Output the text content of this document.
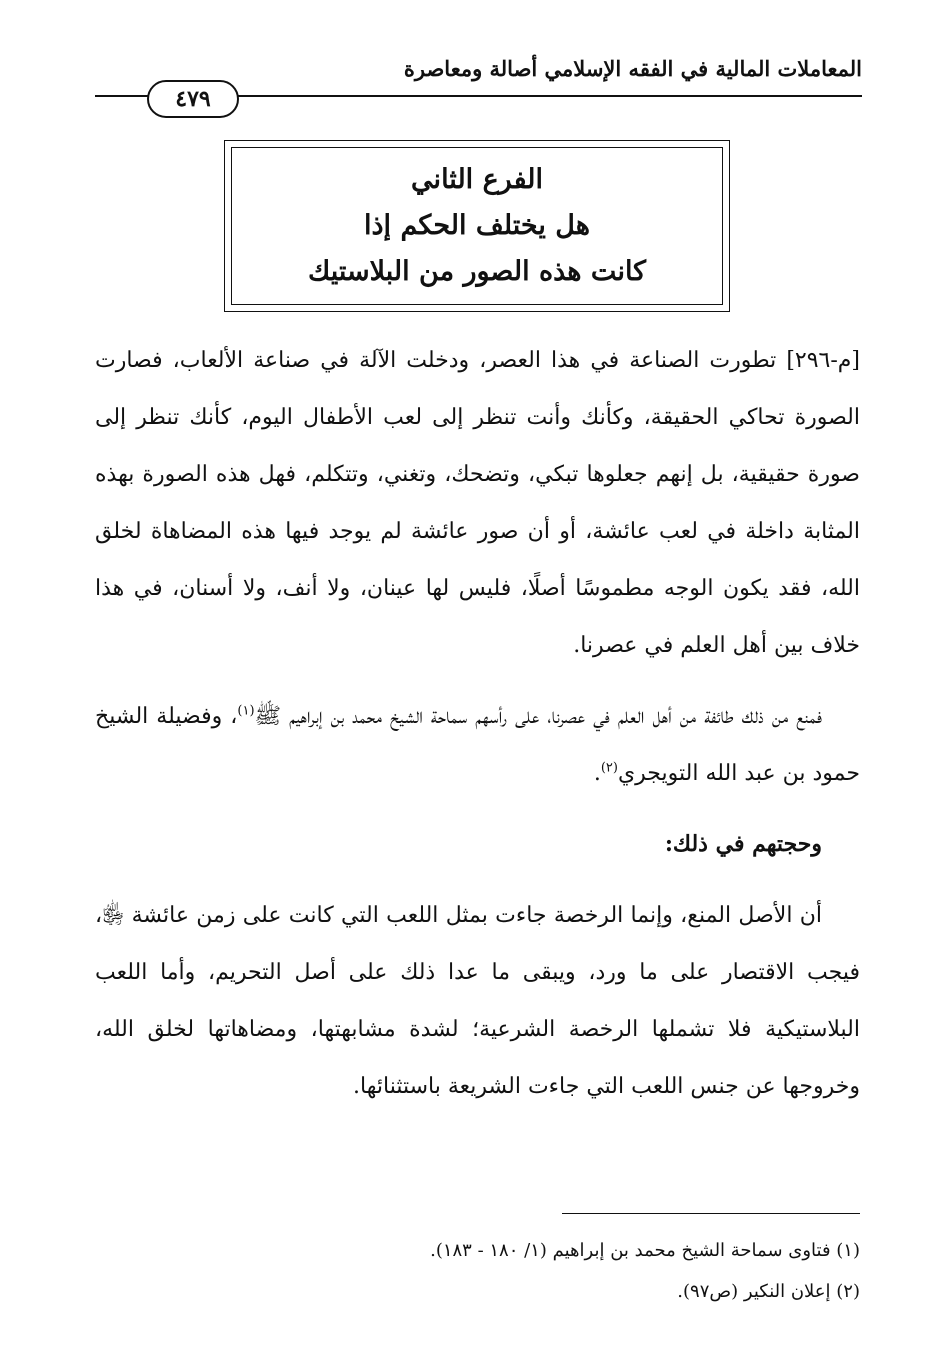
المعاملات المالية في الفقه الإسلامي أصالة ومعاصرة
٤٧٩
الفرع الثاني
هل يختلف الحكم إذا
كانت هذه الصور من البلاستيك

[م-٢٩٦] تطورت الصناعة في هذا العصر، ودخلت الآلة في صناعة الألعاب، فصارت الصورة تحاكي الحقيقة، وكأنك وأنت تنظر إلى لعب الأطفال اليوم، كأنك تنظر إلى صورة حقيقية، بل إنهم جعلوها تبكي، وتضحك، وتغني، وتتكلم، فهل هذه الصورة بهذه المثابة داخلة في لعب عائشة، أو أن صور عائشة لم يوجد فيها هذه المضاهاة لخلق الله، فقد يكون الوجه مطموسًا أصلًا، فليس لها عينان، ولا أنف، ولا أسنان، في هذا خلاف بين أهل العلم في عصرنا.

فمنع من ذلك طائفة من أهل العلم في عصرنا، على رأسهم سماحة الشيخ محمد بن إبراهيم ﷺ$^{(١)}$، وفضيلة الشيخ حمود بن عبد الله التويجري$^{(٢)}$.

وحجتهم في ذلك:

أن الأصل المنع، وإنما الرخصة جاءت بمثل اللعب التي كانت على زمن عائشة ﵂، فيجب الاقتصار على ما ورد، ويبقى ما عدا ذلك على أصل التحريم، وأما اللعب البلاستيكية فلا تشملها الرخصة الشرعية؛ لشدة مشابهتها، ومضاهاتها لخلق الله، وخروجها عن جنس اللعب التي جاءت الشريعة باستثنائها.

(١) فتاوى سماحة الشيخ محمد بن إبراهيم (١/ ١٨٠ - ١٨٣).
(٢) إعلان النكير (ص٩٧).
